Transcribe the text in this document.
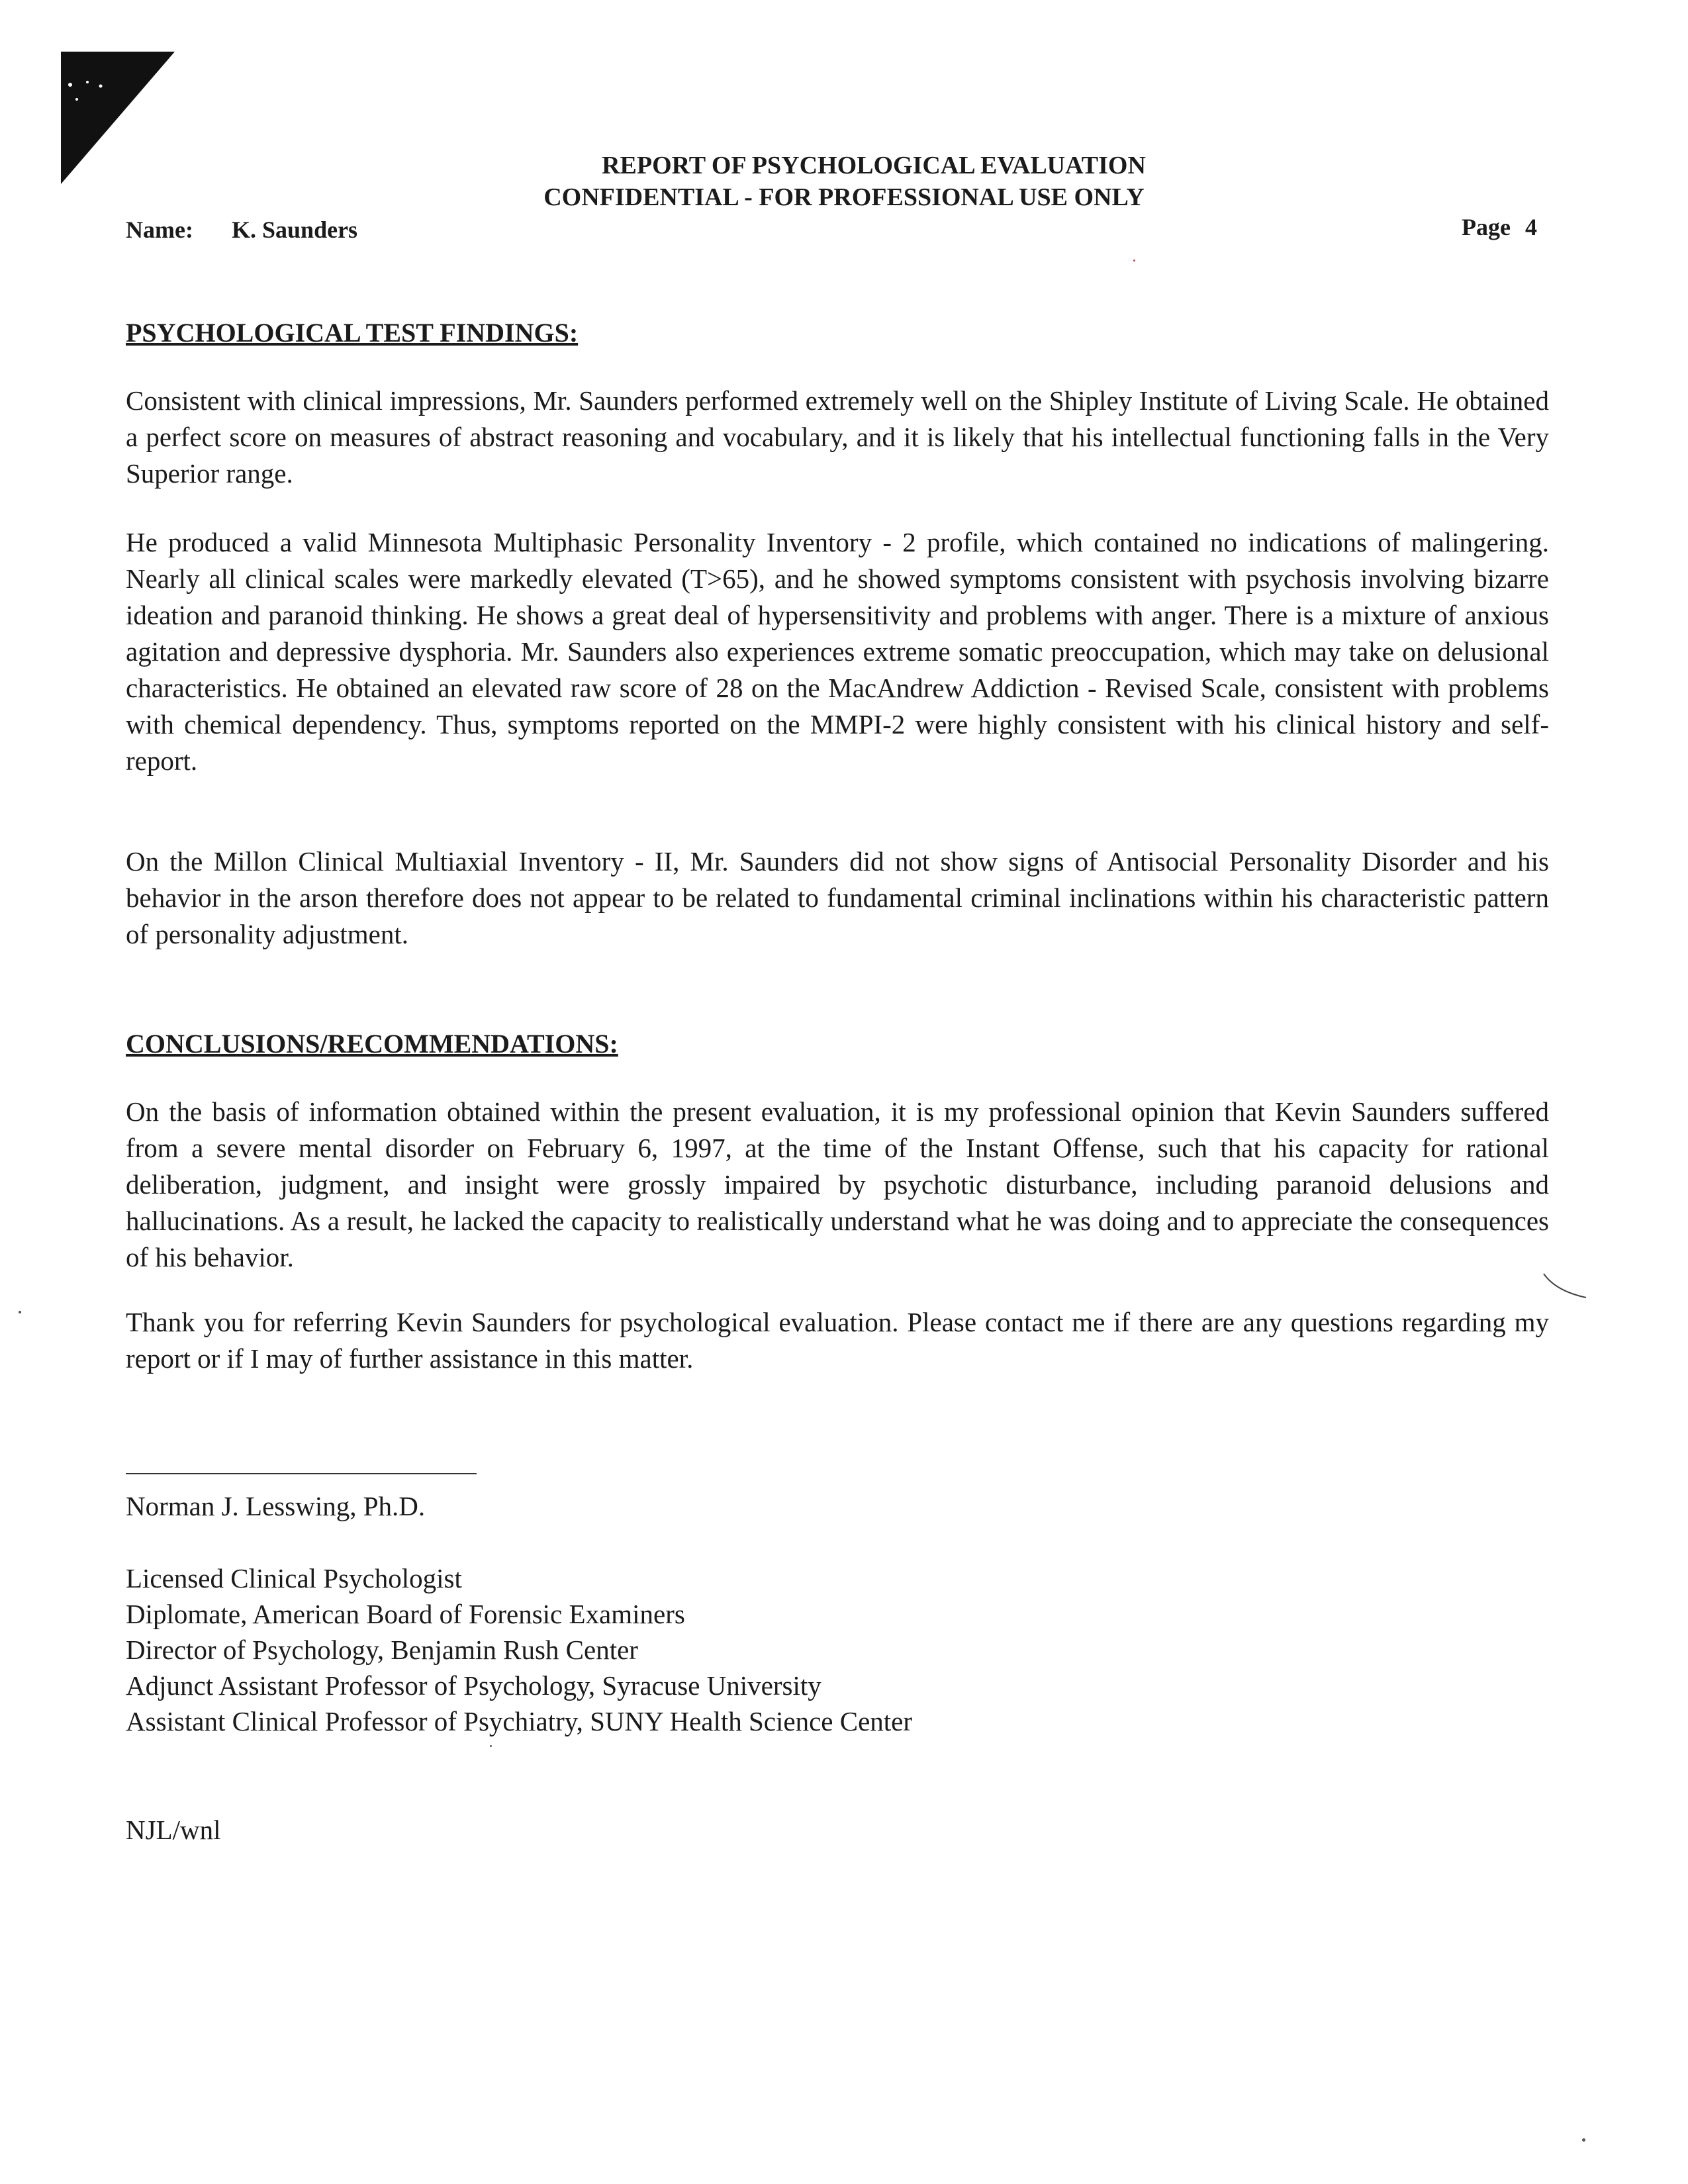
REPORT OF PSYCHOLOGICAL EVALUATION
CONFIDENTIAL - FOR PROFESSIONAL USE ONLY
Name: K. Saunders	Page 4
PSYCHOLOGICAL TEST FINDINGS:

Consistent with clinical impressions, Mr. Saunders performed extremely well on the Shipley Institute of Living Scale. He obtained a perfect score on measures of abstract reasoning and vocabulary, and it is likely that his intellectual functioning falls in the Very Superior range.

He produced a valid Minnesota Multiphasic Personality Inventory - 2 profile, which contained no indications of malingering. Nearly all clinical scales were markedly elevated (T>65), and he showed symptoms consistent with psychosis involving bizarre ideation and paranoid thinking. He shows a great deal of hypersensitivity and problems with anger. There is a mixture of anxious agitation and depressive dysphoria. Mr. Saunders also experiences extreme somatic preoccupation, which may take on delusional characteristics. He obtained an elevated raw score of 28 on the MacAndrew Addiction - Revised Scale, consistent with problems with chemical dependency. Thus, symptoms reported on the MMPI-2 were highly consistent with his clinical history and self-report.

On the Millon Clinical Multiaxial Inventory - II, Mr. Saunders did not show signs of Antisocial Personality Disorder and his behavior in the arson therefore does not appear to be related to fundamental criminal inclinations within his characteristic pattern of personality adjustment.

CONCLUSIONS/RECOMMENDATIONS:

On the basis of information obtained within the present evaluation, it is my professional opinion that Kevin Saunders suffered from a severe mental disorder on February 6, 1997, at the time of the Instant Offense, such that his capacity for rational deliberation, judgment, and insight were grossly impaired by psychotic disturbance, including paranoid delusions and hallucinations. As a result, he lacked the capacity to realistically understand what he was doing and to appreciate the consequences of his behavior.

Thank you for referring Kevin Saunders for psychological evaluation. Please contact me if there are any questions regarding my report or if I may of further assistance in this matter.

Norman J. Lesswing, Ph.D.
Licensed Clinical Psychologist
Diplomate, American Board of Forensic Examiners
Director of Psychology, Benjamin Rush Center
Adjunct Assistant Professor of Psychology, Syracuse University
Assistant Clinical Professor of Psychiatry, SUNY Health Science Center
NJL/wnl
